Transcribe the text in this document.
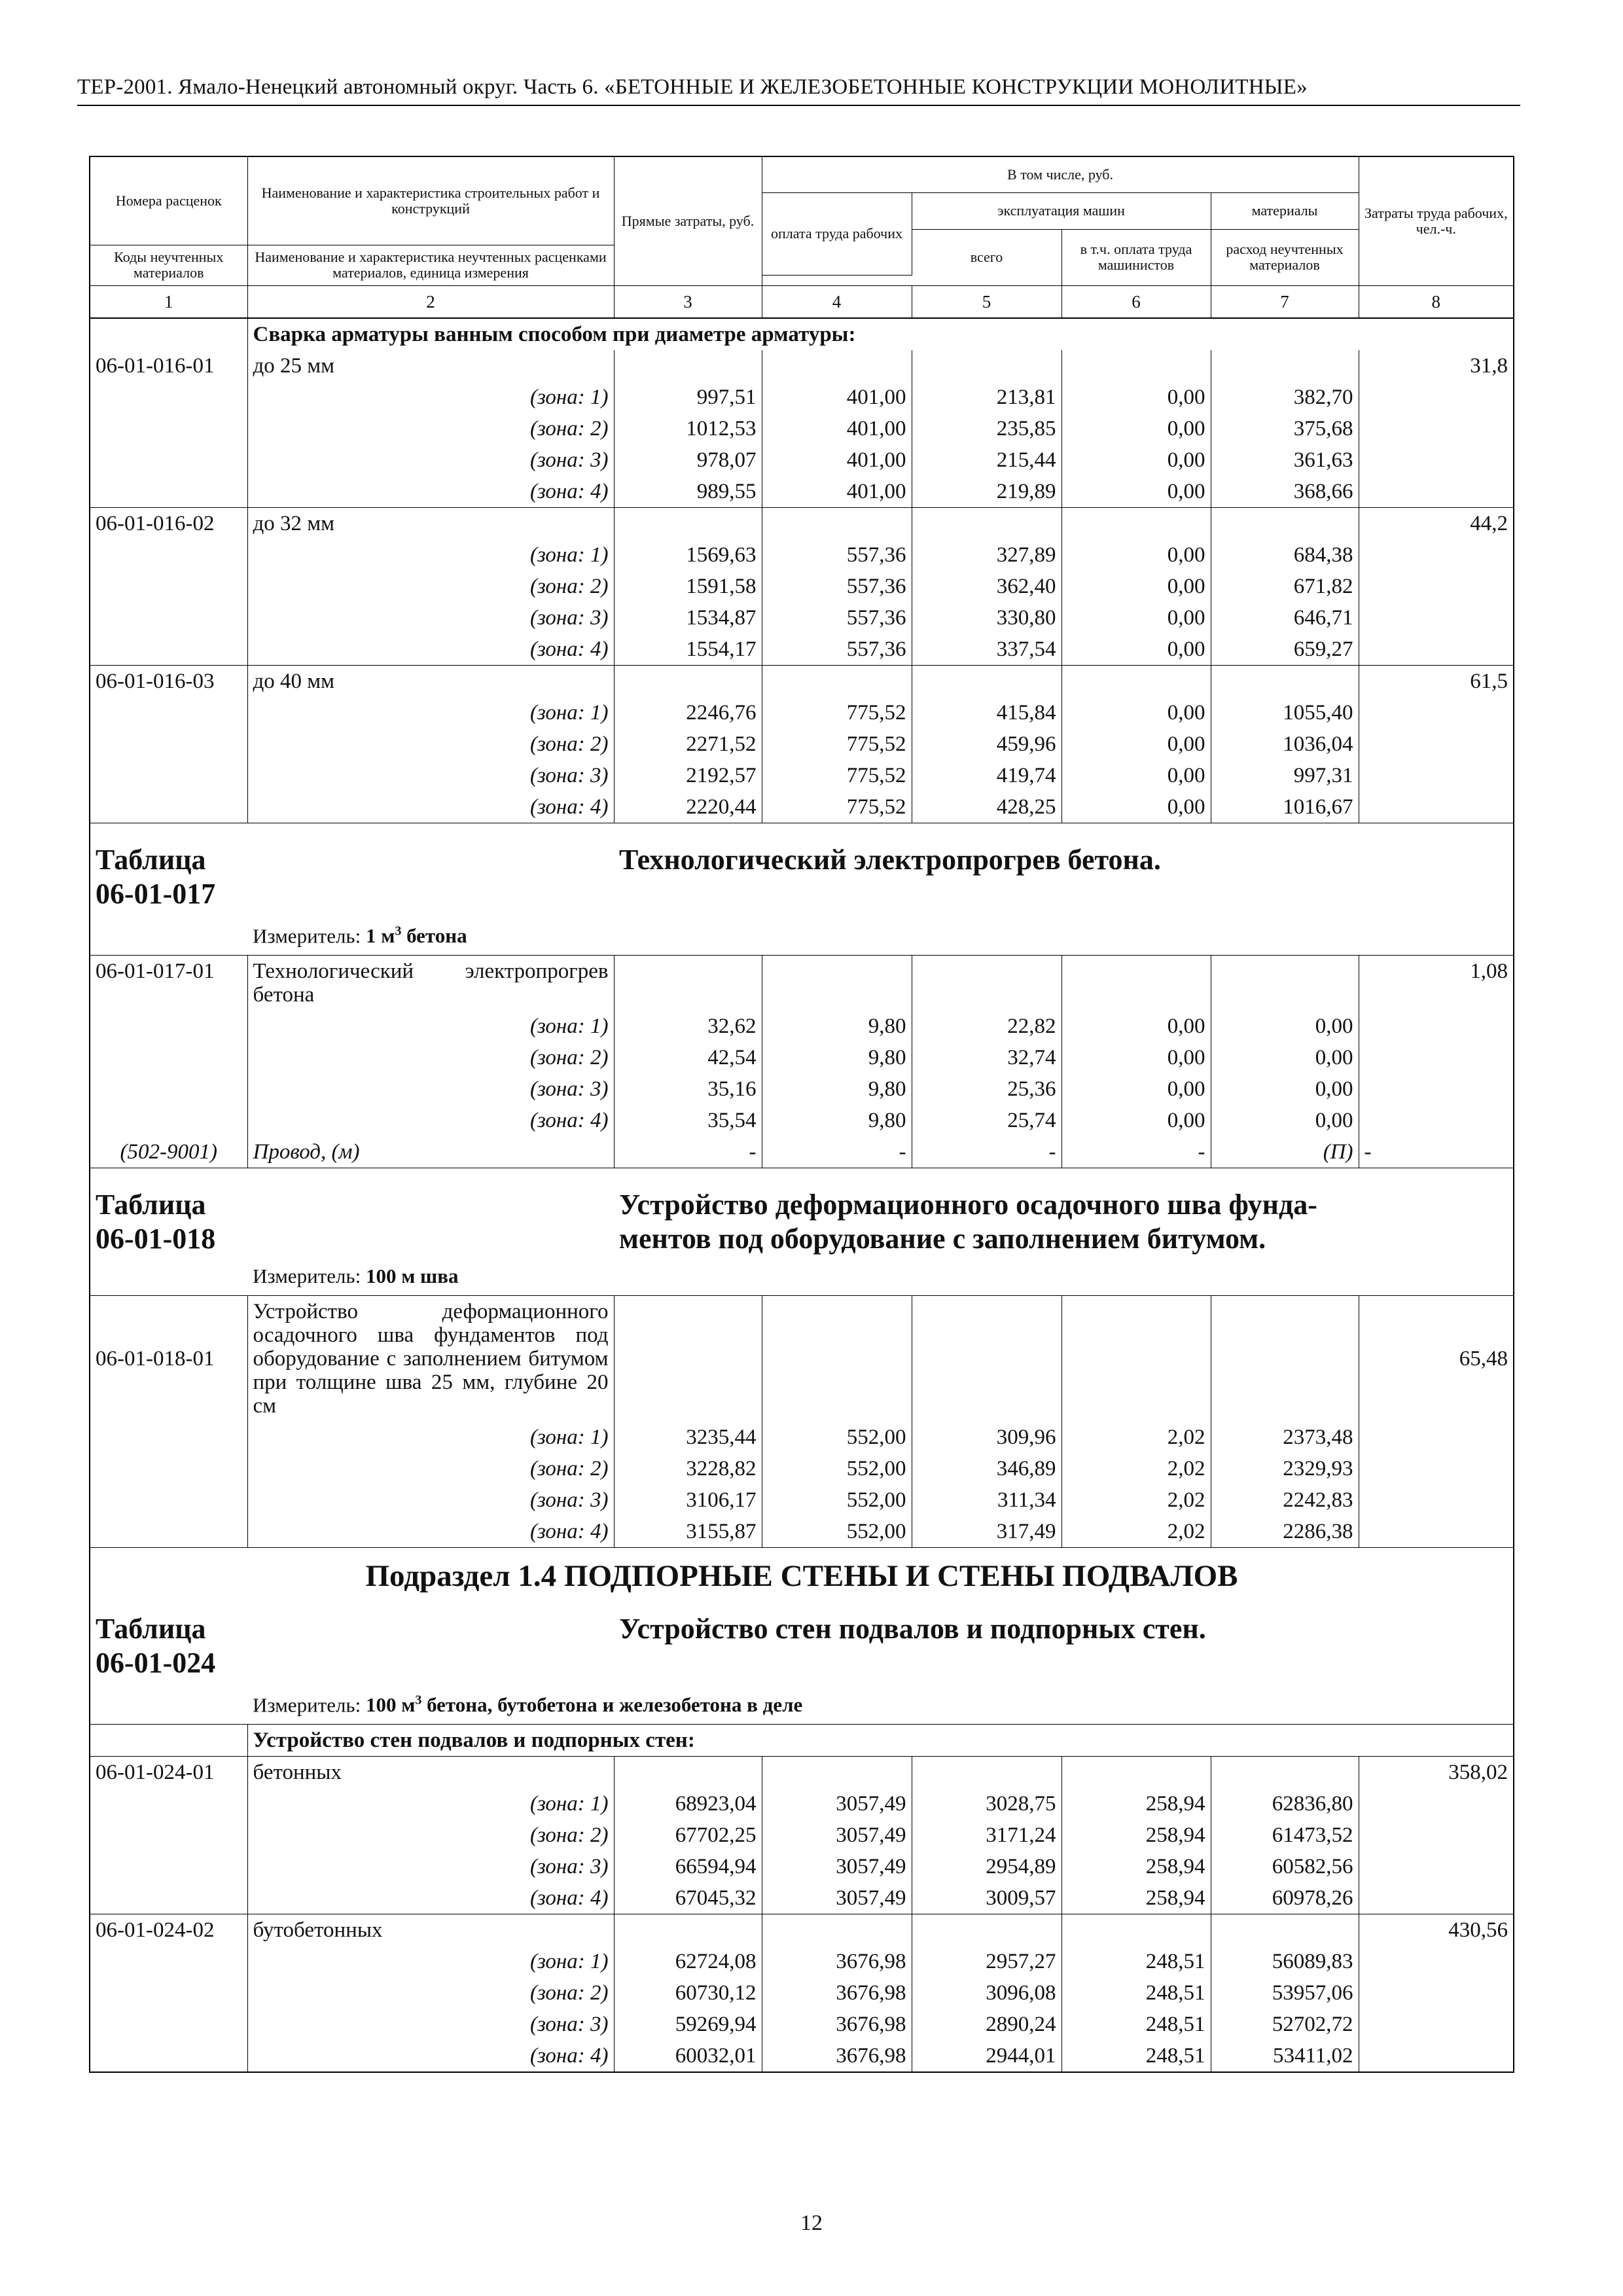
ТЕР-2001. Ямало-Ненецкий автономный округ. Часть 6. «БЕТОННЫЕ И ЖЕЛЕЗОБЕТОННЫЕ КОНСТРУКЦИИ МОНОЛИТНЫЕ»
Номера расценок	Наименование и характеристика строительных работ и конструкций	Прямые затраты, руб.	В том числе, руб.				Затраты труда рабочих, чел.-ч.
			оплата труда рабочих	эксплуатация машин		материалы	
				всего	в т.ч. оплата труда машинистов	расход неучтенных материалов	
Коды неучтенных материалов	Наименование и характеристика неучтенных расценками материалов, единица измерения						

1	2	3	4	5	6	7	8
	Сварка арматуры ванным способом при диаметре арматуры:						
06-01-016-01	до 25 мм						31,8
	(зона: 1)	997,51	401,00	213,81	0,00	382,70	
	(зона: 2)	1012,53	401,00	235,85	0,00	375,68	
	(зона: 3)	978,07	401,00	215,44	0,00	361,63	
	(зона: 4)	989,55	401,00	219,89	0,00	368,66	
06-01-016-02	до 32 мм						44,2
	(зона: 1)	1569,63	557,36	327,89	0,00	684,38	
	(зона: 2)	1591,58	557,36	362,40	0,00	671,82	
	(зона: 3)	1534,87	557,36	330,80	0,00	646,71	
	(зона: 4)	1554,17	557,36	337,54	0,00	659,27	
06-01-016-03	до 40 мм						61,5
	(зона: 1)	2246,76	775,52	415,84	0,00	1055,40	
	(зона: 2)	2271,52	775,52	459,96	0,00	1036,04	
	(зона: 3)	2192,57	775,52	419,74	0,00	997,31	
	(зона: 4)	2220,44	775,52	428,25	0,00	1016,67	
Таблица 06-01-017		Технологический электропрогрев бетона.					
	Измеритель: 1 $м^3$ бетона						
06-01-017-01	Технологический электропрогрев бетона						1,08
	(зона: 1)	32,62	9,80	22,82	0,00	0,00	
	(зона: 2)	42,54	9,80	32,74	0,00	0,00	
	(зона: 3)	35,16	9,80	25,36	0,00	0,00	
	(зона: 4)	35,54	9,80	25,74	0,00	0,00	
(502-9001)	Провод, (м)	-	-	-	-	(П)	-
Таблица 06-01-018		Устройство деформационного осадочного шва фунда-
ментов под оборудование с заполнением битумом.					
	Измеритель: 100 м шва						
06-01-018-01	Устройство деформационного осадочного шва фундаментов под оборудование с заполнением битумом при толщине шва 25 мм, глубине 20 см						65,48
	(зона: 1)	3235,44	552,00	309,96	2,02	2373,48	
	(зона: 2)	3228,82	552,00	346,89	2,02	2329,93	
	(зона: 3)	3106,17	552,00	311,34	2,02	2242,83	
	(зона: 4)	3155,87	552,00	317,49	2,02	2286,38	
Подраздел 1.4 ПОДПОРНЫЕ СТЕНЫ И СТЕНЫ ПОДВАЛОВ							
Таблица 06-01-024		Устройство стен подвалов и подпорных стен.					
	Измеритель: 100 $м^3$ бетона, бутобетона и железобетона в деле						
	Устройство стен подвалов и подпорных стен:						
06-01-024-01	бетонных						358,02
	(зона: 1)	68923,04	3057,49	3028,75	258,94	62836,80	
	(зона: 2)	67702,25	3057,49	3171,24	258,94	61473,52	
	(зона: 3)	66594,94	3057,49	2954,89	258,94	60582,56	
	(зона: 4)	67045,32	3057,49	3009,57	258,94	60978,26	
06-01-024-02	бутобетонных						430,56
	(зона: 1)	62724,08	3676,98	2957,27	248,51	56089,83	
	(зона: 2)	60730,12	3676,98	3096,08	248,51	53957,06	
	(зона: 3)	59269,94	3676,98	2890,24	248,51	52702,72	
	(зона: 4)	60032,01	3676,98	2944,01	248,51	53411,02	
12
